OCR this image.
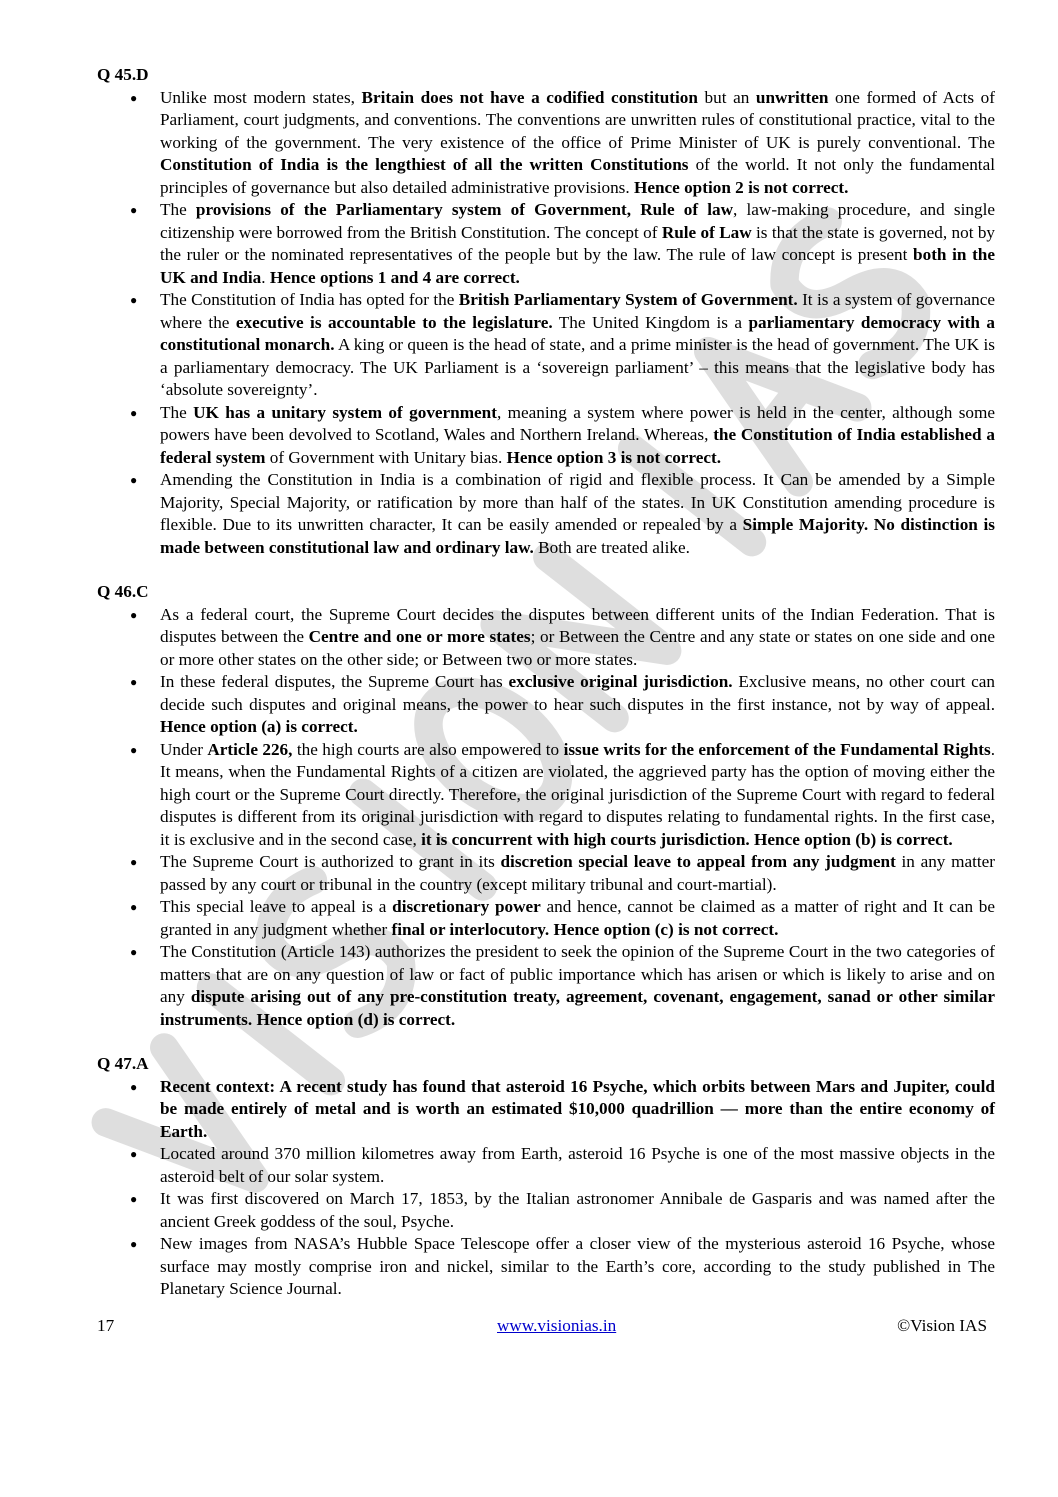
Q 45.D

● Unlike most modern states, Britain does not have a codified constitution but an unwritten one formed of Acts of Parliament, court judgments, and conventions. The conventions are unwritten rules of constitutional practice, vital to the working of the government. The very existence of the office of Prime Minister of UK is purely conventional. The Constitution of India is the lengthiest of all the written Constitutions of the world. It not only the fundamental principles of governance but also detailed administrative provisions. Hence option 2 is not correct.
● The provisions of the Parliamentary system of Government, Rule of law, law-making procedure, and single citizenship were borrowed from the British Constitution. The concept of Rule of Law is that the state is governed, not by the ruler or the nominated representatives of the people but by the law. The rule of law concept is present both in the UK and India. Hence options 1 and 4 are correct.
● The Constitution of India has opted for the British Parliamentary System of Government. It is a system of governance where the executive is accountable to the legislature. The United Kingdom is a parliamentary democracy with a constitutional monarch. A king or queen is the head of state, and a prime minister is the head of government. The UK is a parliamentary democracy. The UK Parliament is a ‘sovereign parliament’ – this means that the legislative body has ‘absolute sovereignty’.
● The UK has a unitary system of government, meaning a system where power is held in the center, although some powers have been devolved to Scotland, Wales and Northern Ireland. Whereas, the Constitution of India established a federal system of Government with Unitary bias. Hence option 3 is not correct.
● Amending the Constitution in India is a combination of rigid and flexible process. It Can be amended by a Simple Majority, Special Majority, or ratification by more than half of the states. In UK Constitution amending procedure is flexible. Due to its unwritten character, It can be easily amended or repealed by a Simple Majority. No distinction is made between constitutional law and ordinary law. Both are treated alike.

Q 46.C

● As a federal court, the Supreme Court decides the disputes between different units of the Indian Federation. That is disputes between the Centre and one or more states; or Between the Centre and any state or states on one side and one or more other states on the other side; or Between two or more states.
● In these federal disputes, the Supreme Court has exclusive original jurisdiction. Exclusive means, no other court can decide such disputes and original means, the power to hear such disputes in the first instance, not by way of appeal. Hence option (a) is correct.
● Under Article 226, the high courts are also empowered to issue writs for the enforcement of the Fundamental Rights. It means, when the Fundamental Rights of a citizen are violated, the aggrieved party has the option of moving either the high court or the Supreme Court directly. Therefore, the original jurisdiction of the Supreme Court with regard to federal disputes is different from its original jurisdiction with regard to disputes relating to fundamental rights. In the first case, it is exclusive and in the second case, it is concurrent with high courts jurisdiction. Hence option (b) is correct.
● The Supreme Court is authorized to grant in its discretion special leave to appeal from any judgment in any matter passed by any court or tribunal in the country (except military tribunal and court-martial).
● This special leave to appeal is a discretionary power and hence, cannot be claimed as a matter of right and It can be granted in any judgment whether final or interlocutory. Hence option (c) is not correct.
● The Constitution (Article 143) authorizes the president to seek the opinion of the Supreme Court in the two categories of matters that are on any question of law or fact of public importance which has arisen or which is likely to arise and on any dispute arising out of any pre-constitution treaty, agreement, covenant, engagement, sanad or other similar instruments. Hence option (d) is correct.

Q 47.A

● Recent context: A recent study has found that asteroid 16 Psyche, which orbits between Mars and Jupiter, could be made entirely of metal and is worth an estimated $10,000 quadrillion — more than the entire economy of Earth.
● Located around 370 million kilometres away from Earth, asteroid 16 Psyche is one of the most massive objects in the asteroid belt of our solar system.
● It was first discovered on March 17, 1853, by the Italian astronomer Annibale de Gasparis and was named after the ancient Greek goddess of the soul, Psyche.
● New images from NASA’s Hubble Space Telescope offer a closer view of the mysterious asteroid 16 Psyche, whose surface may mostly comprise iron and nickel, similar to the Earth’s core, according to the study published in The Planetary Science Journal.
17	www.visionias.in	©Vision IAS
